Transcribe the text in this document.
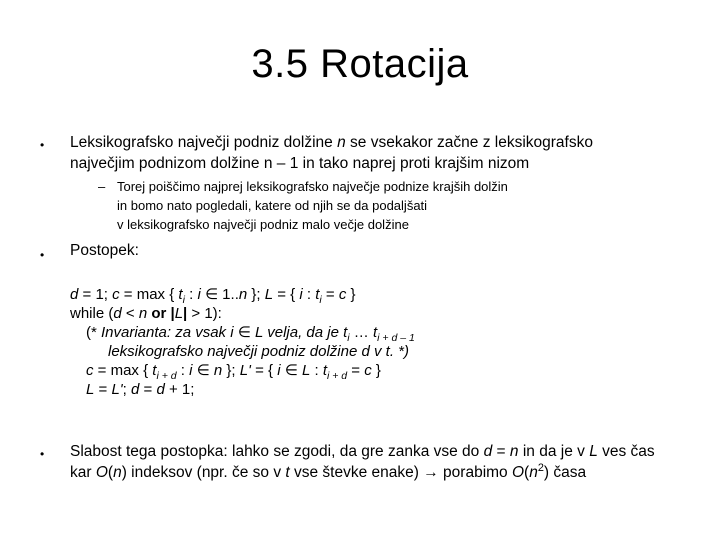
3.5 Rotacija
• Leksikografsko največji podniz dolžine n se vsekakor začne z leksikografsko
največjim podnizom dolžine n – 1 in tako naprej proti krajšim nizom
– Torej poiščimo najprej leksikografsko največje podnize krajših dolžin
in bomo nato pogledali, katere od njih se da podaljšati
v leksikografsko največji podniz malo večje dolžine
• Postopek:
d = 1; c = max { $t_i$ : i ∈ 1..n }; L = { i : $t_i = c$ }
while (d < n or |L| > 1):
(* Invarianta: za vsak i ∈ L velja, da je $t_i$ … $t_{i + d - 1}$
leksikografsko največji podniz dolžine d v t. *)
c = max { $t_{i + d}$ : i ∈ n }; L' = { i ∈ L : $t_{i + d} = c$ }
L = L'; d = d + 1;
• Slabost tega postopka: lahko se zgodi, da gre zanka vse do d = n in da je v L ves čas
kar O(n) indeksov (npr. če so v t vse števke enake) → porabimo $O(n^2)$ časa
